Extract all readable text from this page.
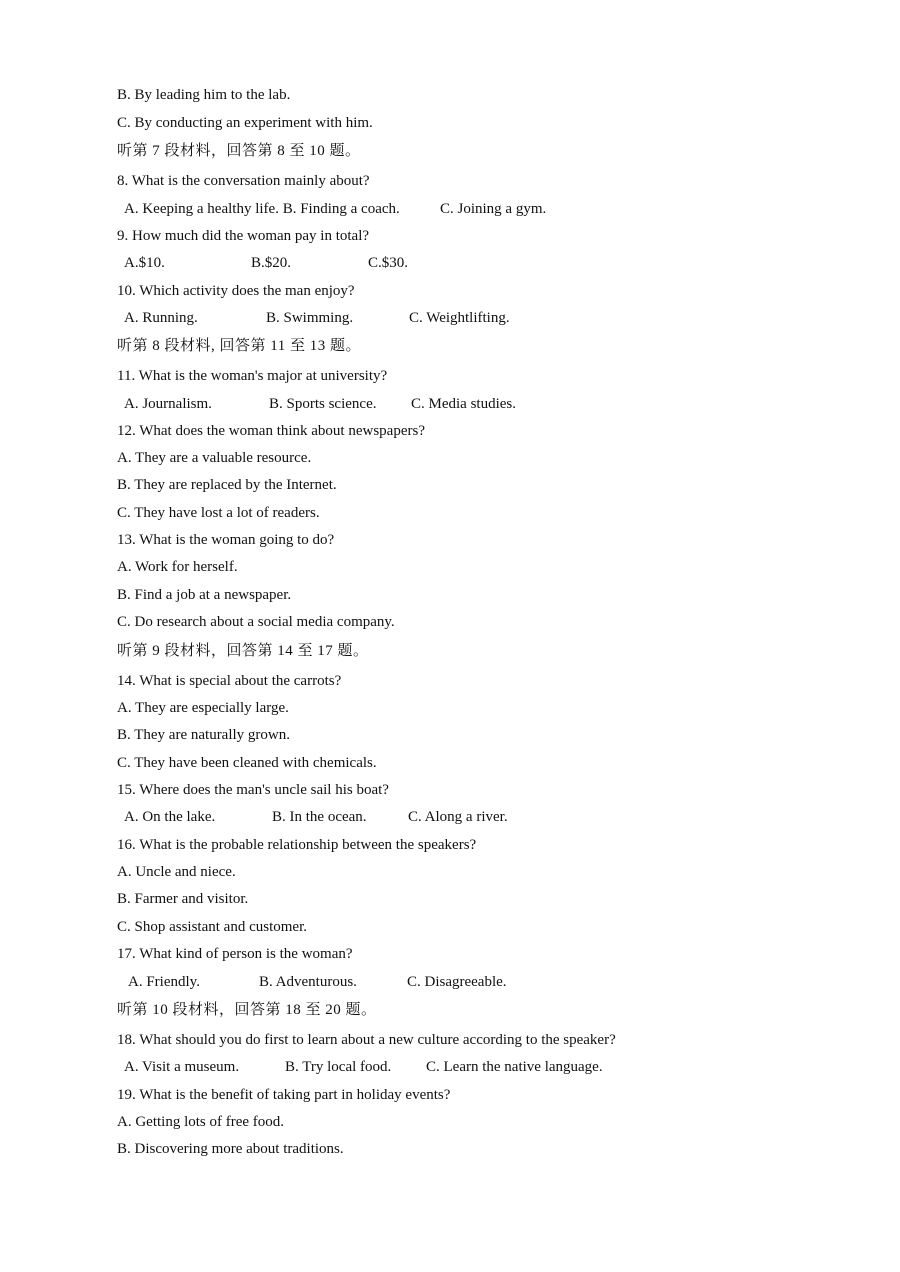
B. By leading him to the lab.
C. By conducting an experiment with him.
听第 7 段材料，回答第 8 至 10 题。
8. What is the conversation mainly about?
A. Keeping a healthy life. B. Finding a coach.	C. Joining a gym.
9. How much did the woman pay in total?
A.$10.	B.$20.	C.$30.
10. Which activity does the man enjoy?
A. Running.	B. Swimming.	C. Weightlifting.
听第 8 段材料, 回答第 11 至 13 题。
11. What is the woman's major at university?
A. Journalism.	B. Sports science. C. Media studies.
12. What does the woman think about newspapers?
A. They are a valuable resource.
B. They are replaced by the Internet.
C. They have lost a lot of readers.
13. What is the woman going to do?
A. Work for herself.
B. Find a job at a newspaper.
C. Do research about a social media company.
听第 9 段材料，回答第 14 至 17 题。
14. What is special about the carrots?
A. They are especially large.
B. They are naturally grown.
C. They have been cleaned with chemicals.
15. Where does the man's uncle sail his boat?
A. On the lake.	B. In the ocean.	C. Along a river.
16. What is the probable relationship between the speakers?
A. Uncle and niece.
B. Farmer and visitor.
C. Shop assistant and customer.
17. What kind of person is the woman?
A. Friendly.	B. Adventurous.	C. Disagreeable.
听第 10 段材料，回答第 18 至 20 题。
18. What should you do first to learn about a new culture according to the speaker?
A. Visit a museum.	B. Try local food. C. Learn the native language.
19. What is the benefit of taking part in holiday events?
A. Getting lots of free food.
B. Discovering more about traditions.
